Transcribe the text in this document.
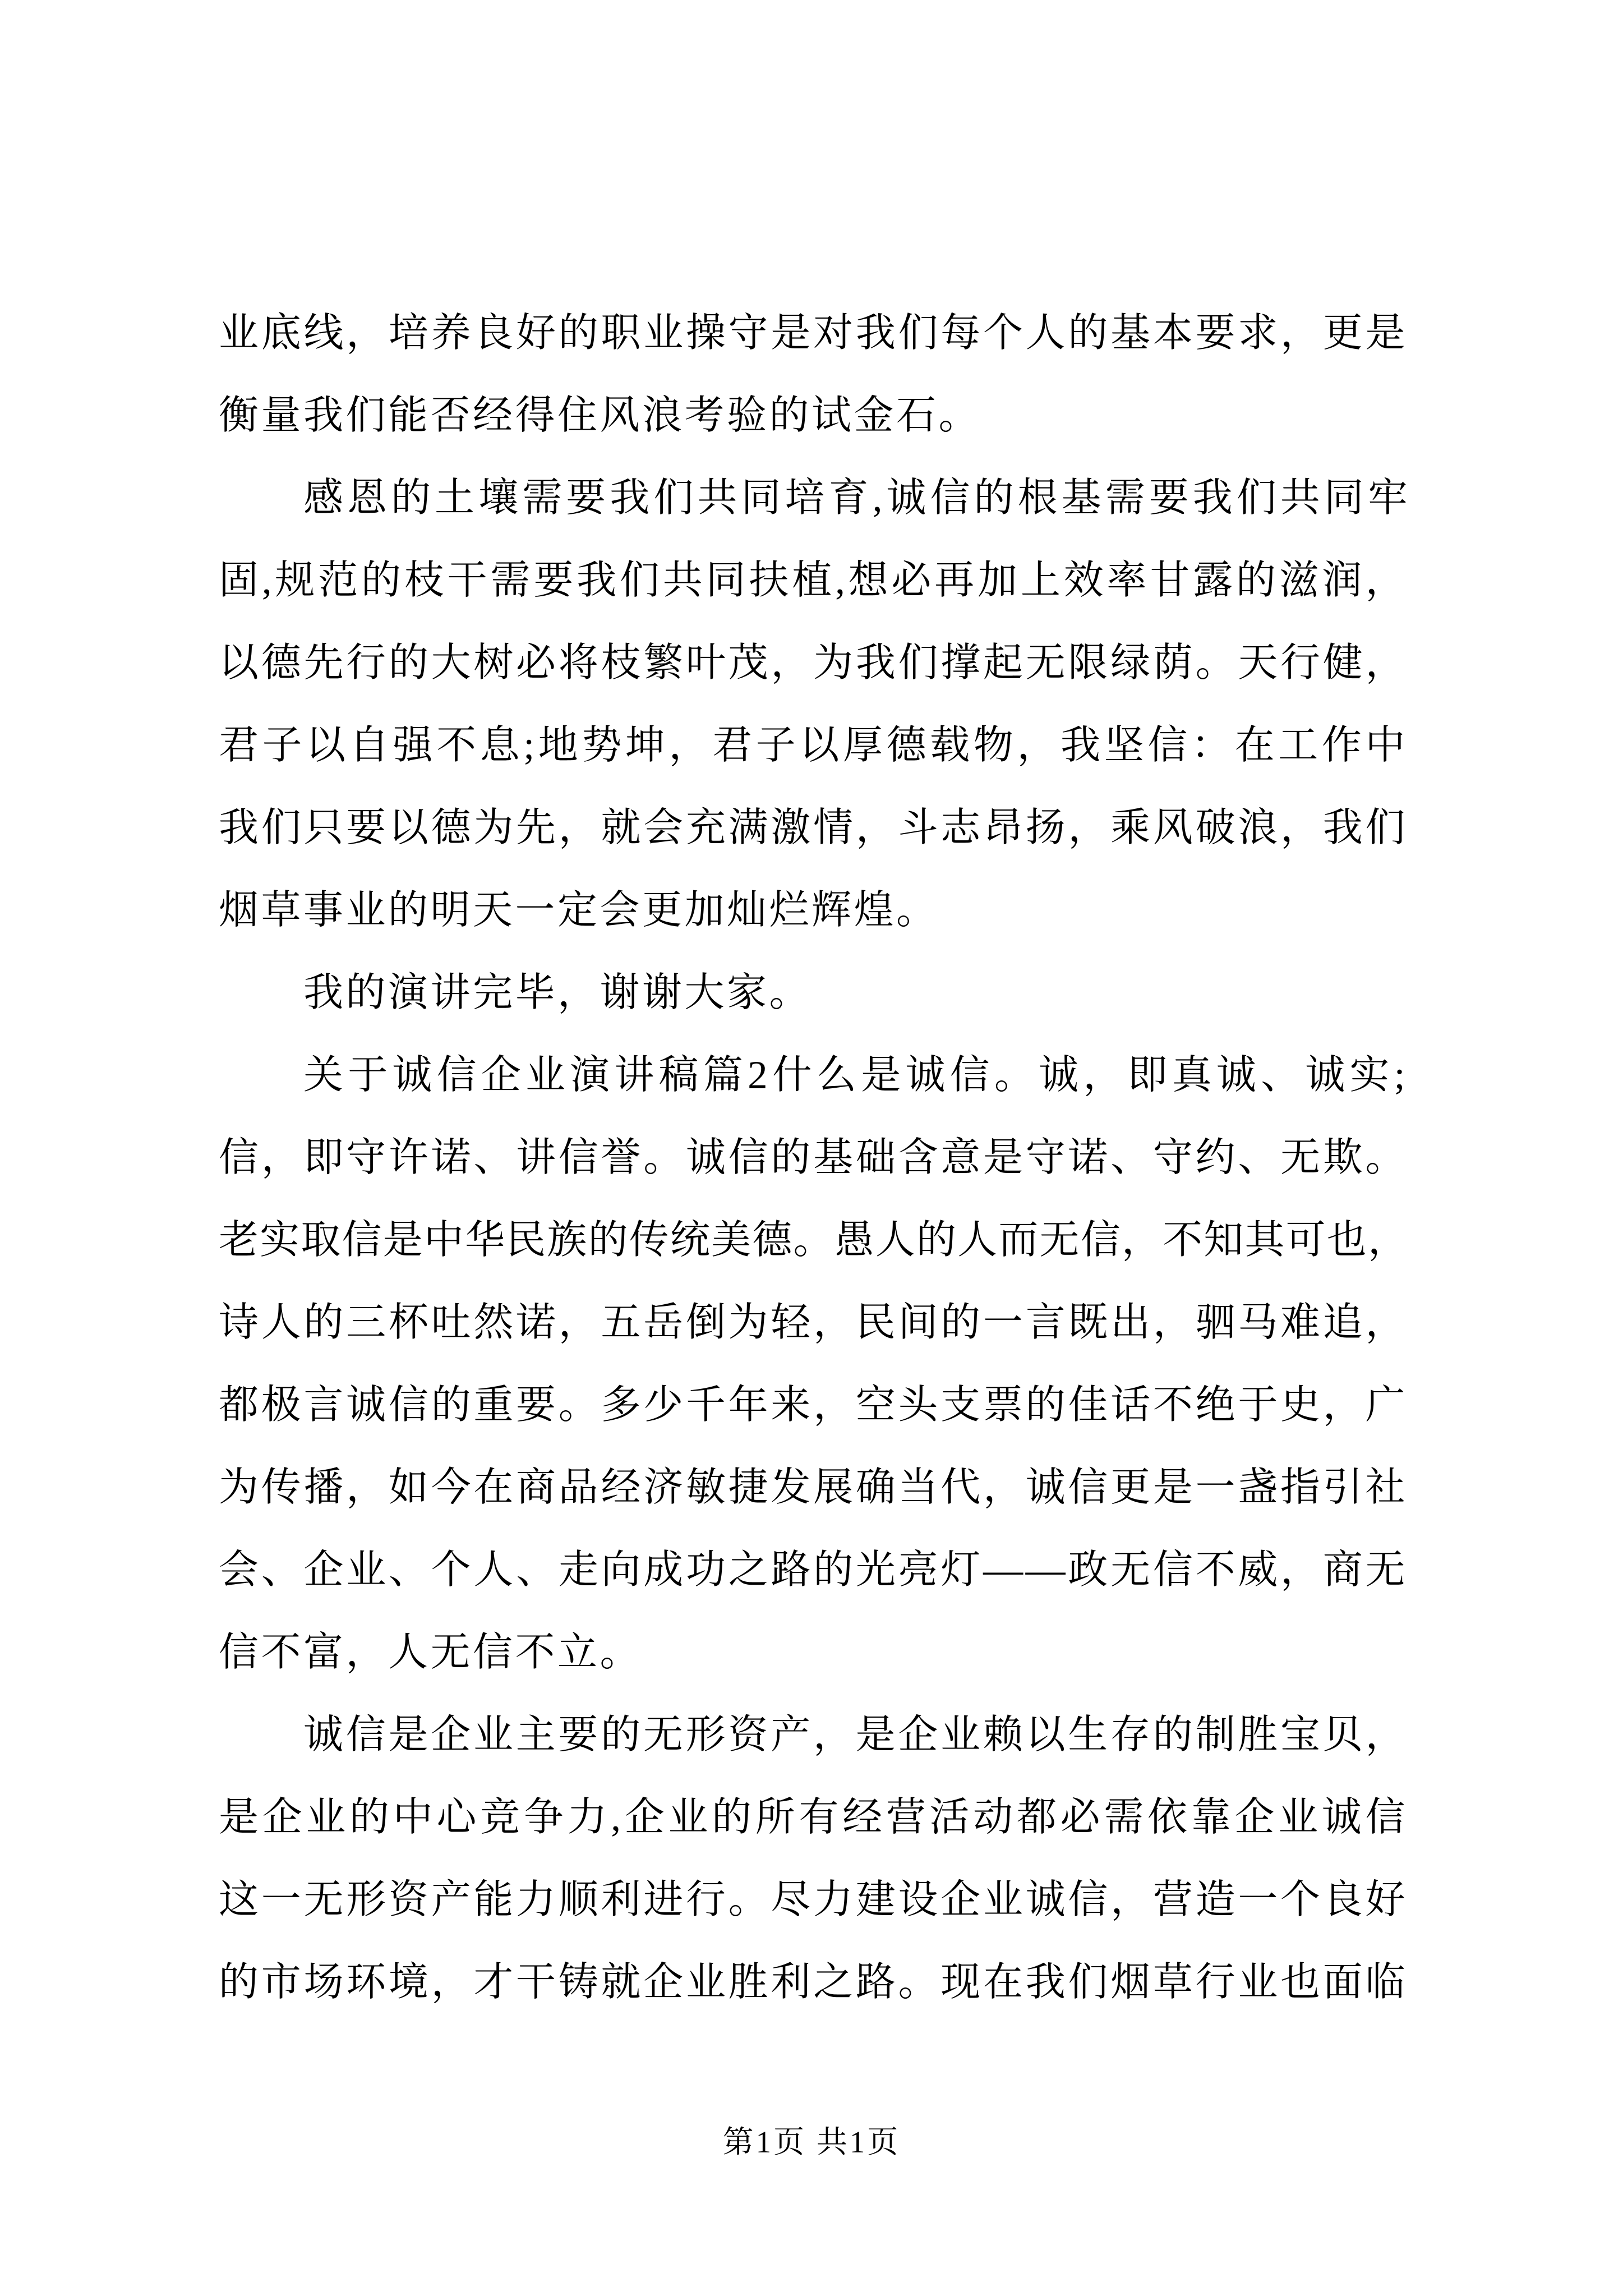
业底线，培养良好的职业操守是对我们每个人的基本要求，更是
衡量我们能否经得住风浪考验的试金石。
感恩的土壤需要我们共同培育,诚信的根基需要我们共同牢
固,规范的枝干需要我们共同扶植,想必再加上效率甘露的滋润，
以德先行的大树必将枝繁叶茂，为我们撑起无限绿荫。天行健，
君子以自强不息;地势坤，君子以厚德载物，我坚信：在工作中
我们只要以德为先，就会充满激情，斗志昂扬，乘风破浪，我们
烟草事业的明天一定会更加灿烂辉煌。
我的演讲完毕，谢谢大家。
关于诚信企业演讲稿篇2什么是诚信。诚，即真诚、诚实;
信，即守许诺、讲信誉。诚信的基础含意是守诺、守约、无欺。
老实取信是中华民族的传统美德。愚人的人而无信，不知其可也，
诗人的三杯吐然诺，五岳倒为轻，民间的一言既出，驷马难追，
都极言诚信的重要。多少千年来，空头支票的佳话不绝于史，广
为传播，如今在商品经济敏捷发展确当代，诚信更是一盏指引社
会、企业、个人、走向成功之路的光亮灯——政无信不威，商无
信不富，人无信不立。
诚信是企业主要的无形资产，是企业赖以生存的制胜宝贝，
是企业的中心竞争力,企业的所有经营活动都必需依靠企业诚信
这一无形资产能力顺利进行。尽力建设企业诚信，营造一个良好
的市场环境，才干铸就企业胜利之路。现在我们烟草行业也面临
第1页 共1页
